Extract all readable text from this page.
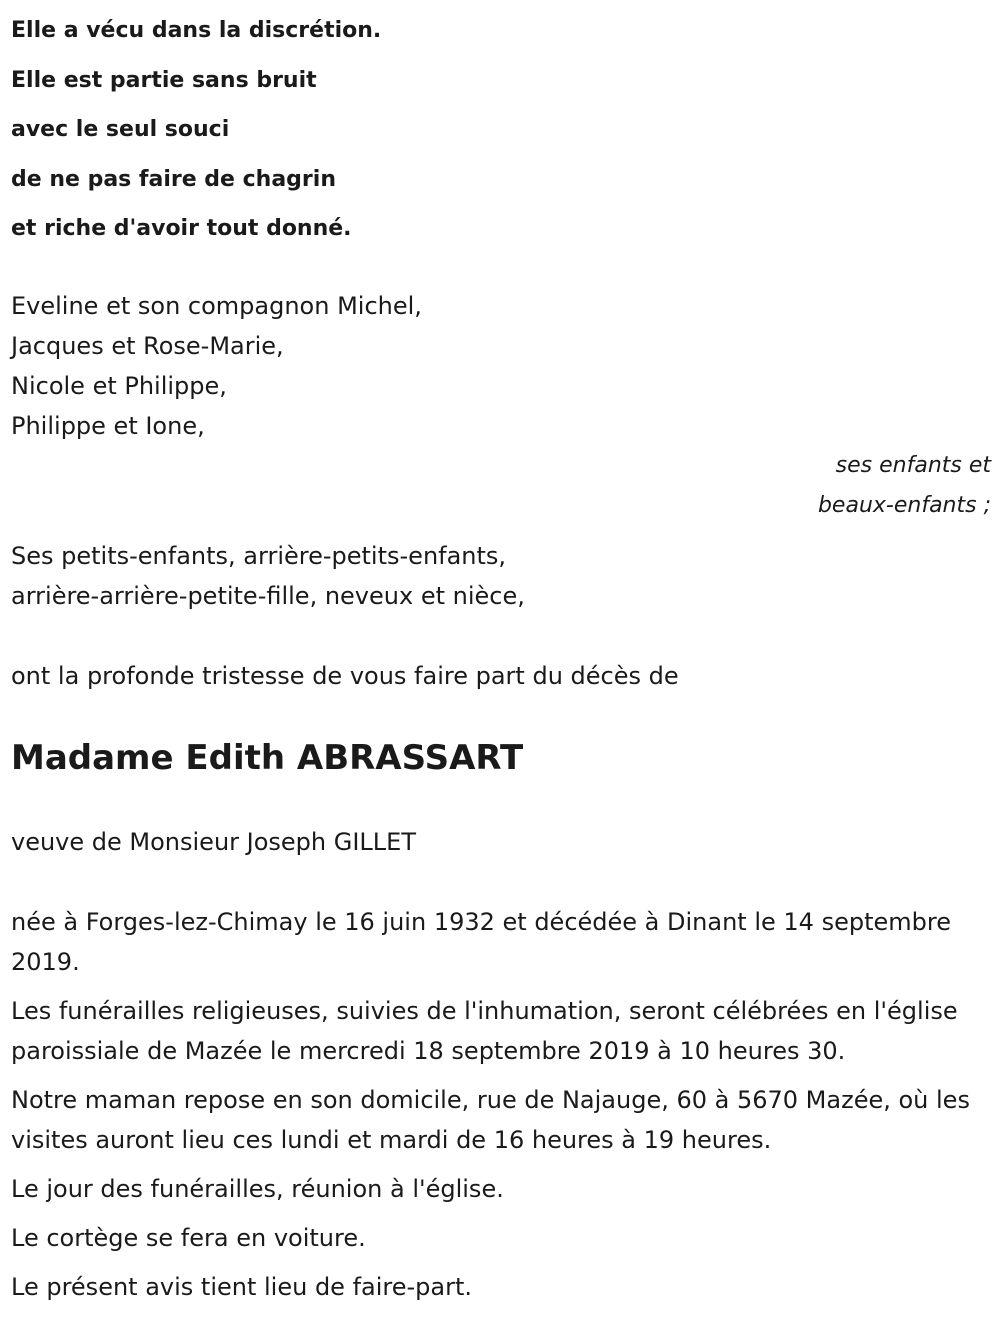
Elle a vécu dans la discrétion.
Elle est partie sans bruit
avec le seul souci
de ne pas faire de chagrin
et riche d'avoir tout donné.
Eveline et son compagnon Michel,
Jacques et Rose-Marie,
Nicole et Philippe,
Philippe et Ione,
ses enfants et
beaux-enfants ;
Ses petits-enfants, arrière-petits-enfants,
arrière-arrière-petite-fille, neveux et nièce,
ont la profonde tristesse de vous faire part du décès de
Madame Edith ABRASSART
veuve de Monsieur Joseph GILLET

née à Forges-lez-Chimay le 16 juin 1932 et décédée à Dinant le 14 septembre 2019.

Les funérailles religieuses, suivies de l'inhumation, seront célébrées en l'église paroissiale de Mazée le mercredi 18 septembre 2019 à 10 heures 30.

Notre maman repose en son domicile, rue de Najauge, 60 à 5670 Mazée, où les visites auront lieu ces lundi et mardi de 16 heures à 19 heures.

Le jour des funérailles, réunion à l'église.

Le cortège se fera en voiture.

Le présent avis tient lieu de faire-part.
